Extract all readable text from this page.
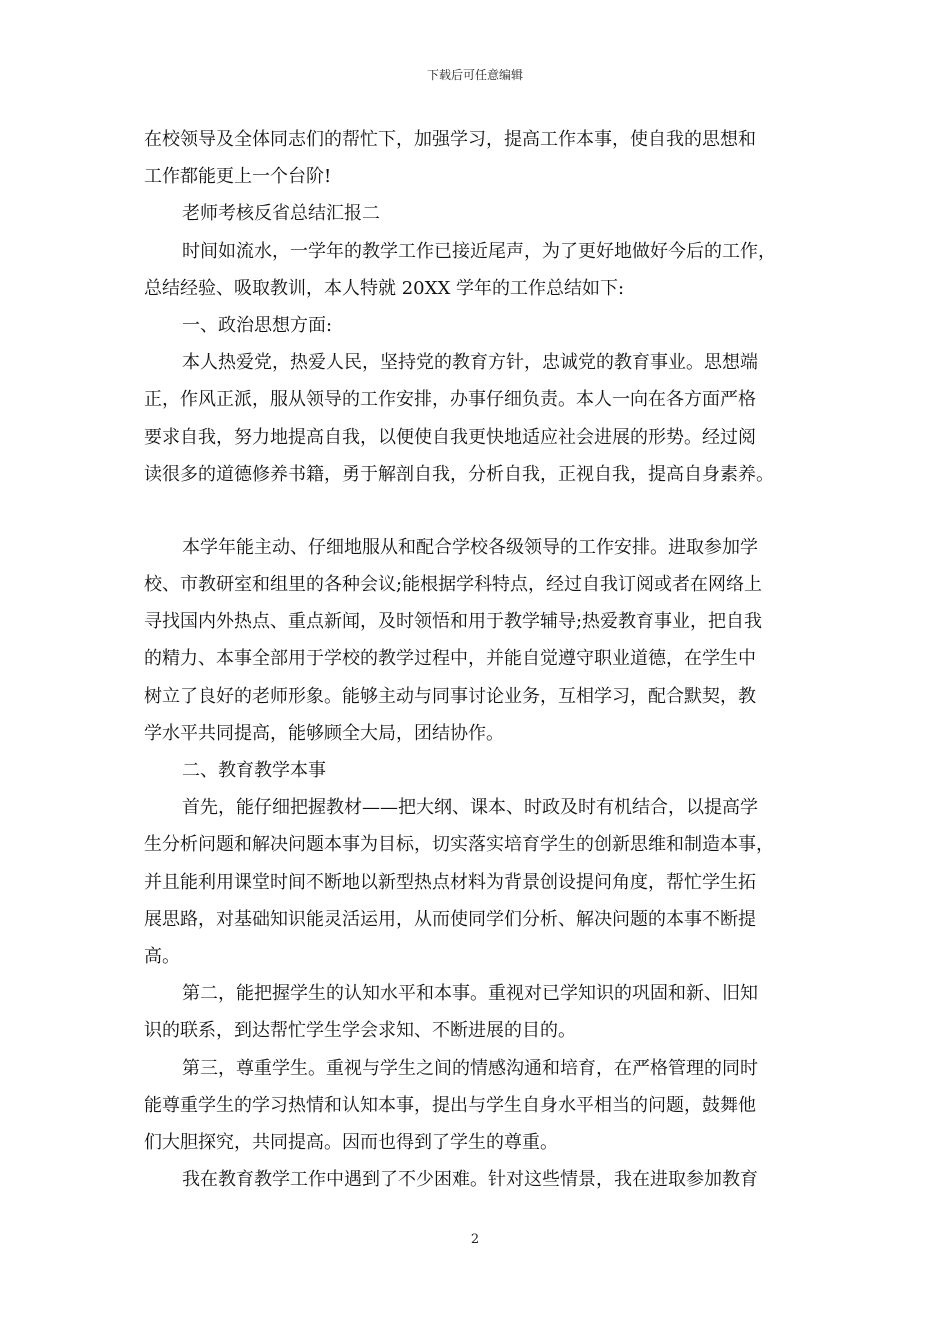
下载后可任意编辑
在校领导及全体同志们的帮忙下，加强学习，提高工作本事，使自我的思想和
工作都能更上一个台阶!
老师考核反省总结汇报二
时间如流水，一学年的教学工作已接近尾声，为了更好地做好今后的工作，
总结经验、吸取教训，本人特就 20XX 学年的工作总结如下:
一、政治思想方面:
本人热爱党，热爱人民，坚持党的教育方针，忠诚党的教育事业。思想端
正，作风正派，服从领导的工作安排，办事仔细负责。本人一向在各方面严格
要求自我，努力地提高自我，以便使自我更快地适应社会进展的形势。经过阅
读很多的道德修养书籍，勇于解剖自我，分析自我，正视自我，提高自身素养。
本学年能主动、仔细地服从和配合学校各级领导的工作安排。进取参加学
校、市教研室和组里的各种会议;能根据学科特点，经过自我订阅或者在网络上
寻找国内外热点、重点新闻，及时领悟和用于教学辅导;热爱教育事业，把自我
的精力、本事全部用于学校的教学过程中，并能自觉遵守职业道德，在学生中
树立了良好的老师形象。能够主动与同事讨论业务，互相学习，配合默契，教
学水平共同提高，能够顾全大局，团结协作。
二、教育教学本事
首先，能仔细把握教材——把大纲、课本、时政及时有机结合，以提高学
生分析问题和解决问题本事为目标，切实落实培育学生的创新思维和制造本事，
并且能利用课堂时间不断地以新型热点材料为背景创设提问角度，帮忙学生拓
展思路，对基础知识能灵活运用，从而使同学们分析、解决问题的本事不断提
高。
第二，能把握学生的认知水平和本事。重视对已学知识的巩固和新、旧知
识的联系，到达帮忙学生学会求知、不断进展的目的。
第三，尊重学生。重视与学生之间的情感沟通和培育，在严格管理的同时
能尊重学生的学习热情和认知本事，提出与学生自身水平相当的问题，鼓舞他
们大胆探究，共同提高。因而也得到了学生的尊重。
我在教育教学工作中遇到了不少困难。针对这些情景，我在进取参加教育
2
